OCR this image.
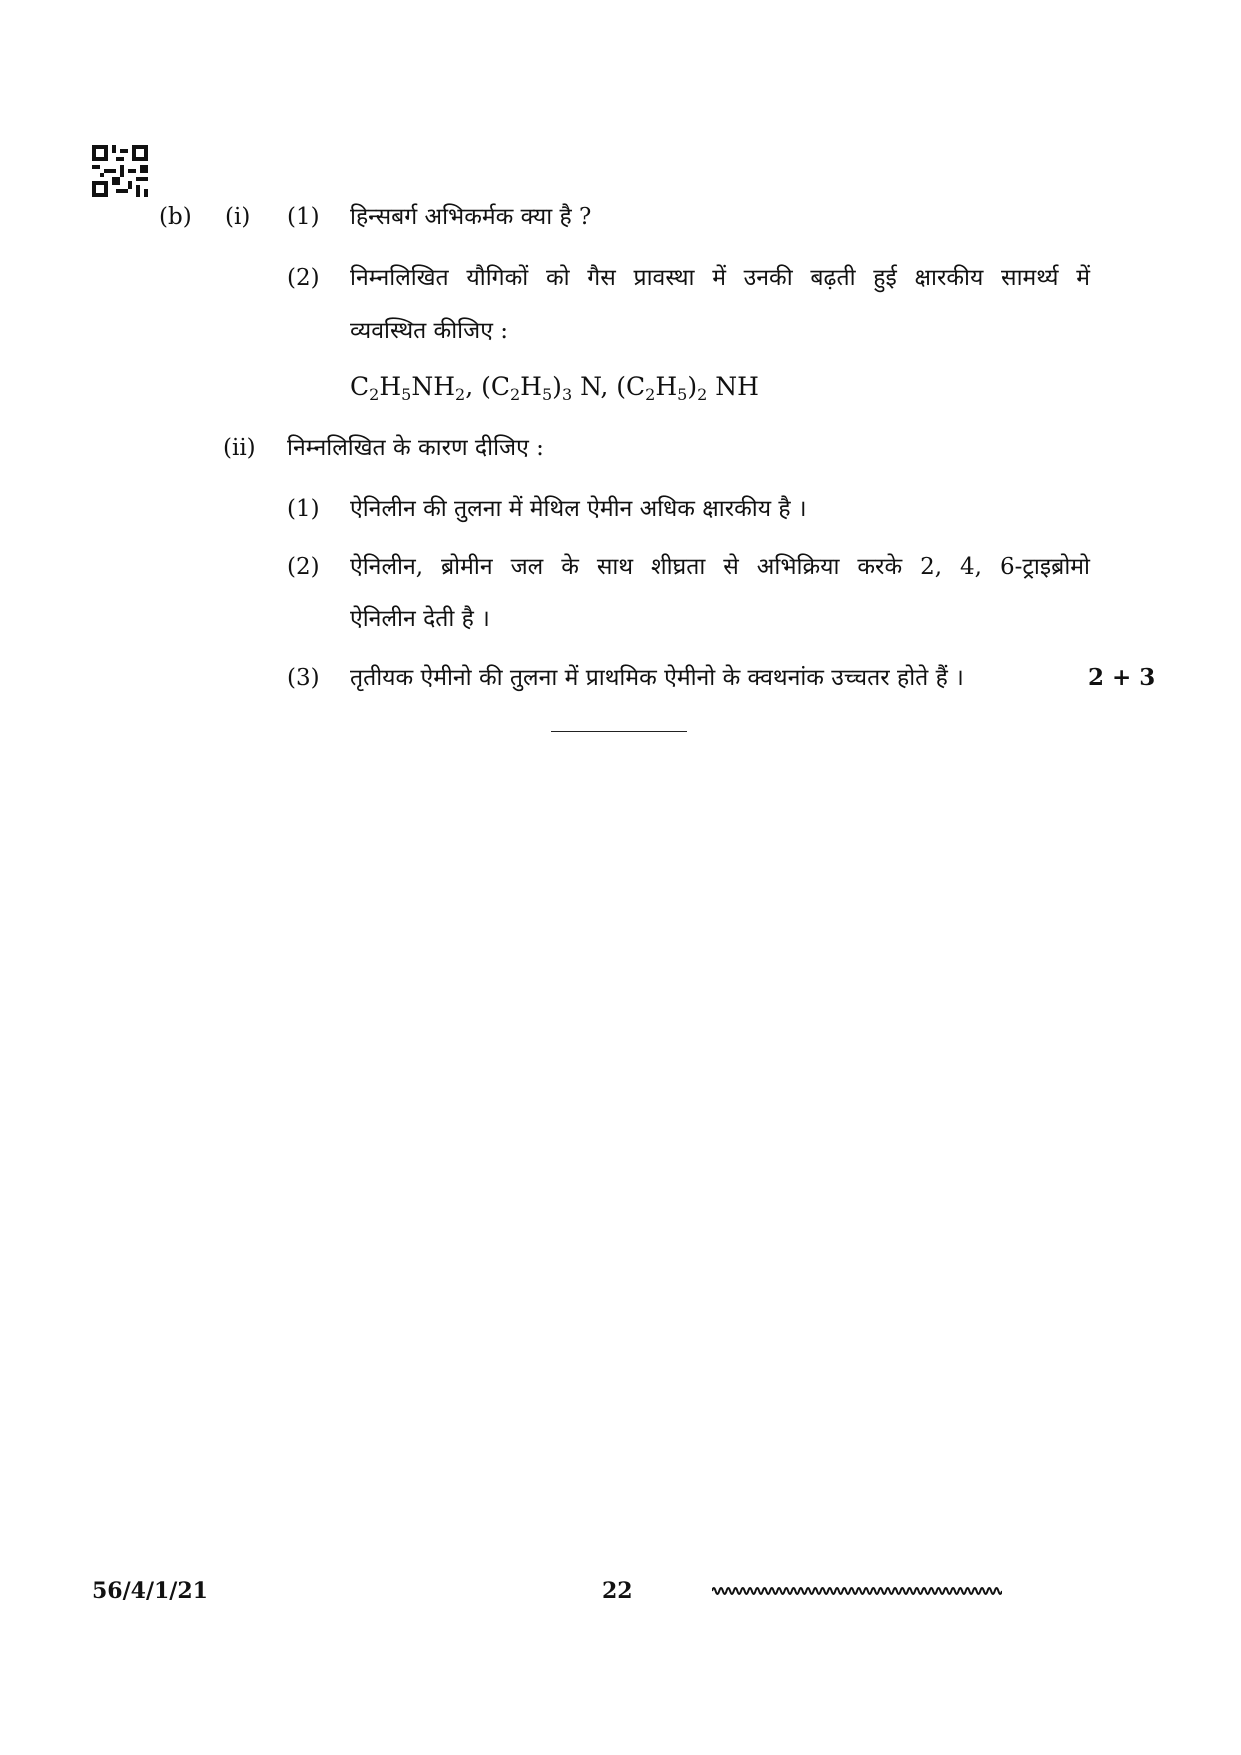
(b) (i) (1) हिन्सबर्ग अभिकर्मक क्या है ?
(2) निम्नलिखित यौगिकों को गैस प्रावस्था में उनकी बढ़ती हुई क्षारकीय सामर्थ्य में
व्यवस्थित कीजिए :
$C_2H_5NH_2$, $(C_2H_5)_3$ N, $(C_2H_5)_2$ NH
(ii) निम्नलिखित के कारण दीजिए :
(1) ऐनिलीन की तुलना में मेथिल ऐमीन अधिक क्षारकीय है ।
(2) ऐनिलीन, ब्रोमीन जल के साथ शीघ्रता से अभिक्रिया करके 2, 4, 6-ट्राइब्रोमो
ऐनिलीन देती है ।
(3) तृतीयक ऐमीनो की तुलना में प्राथमिक ऐमीनो के क्वथनांक उच्चतर होते हैं ।	2 + 3
56/4/1/21	22
